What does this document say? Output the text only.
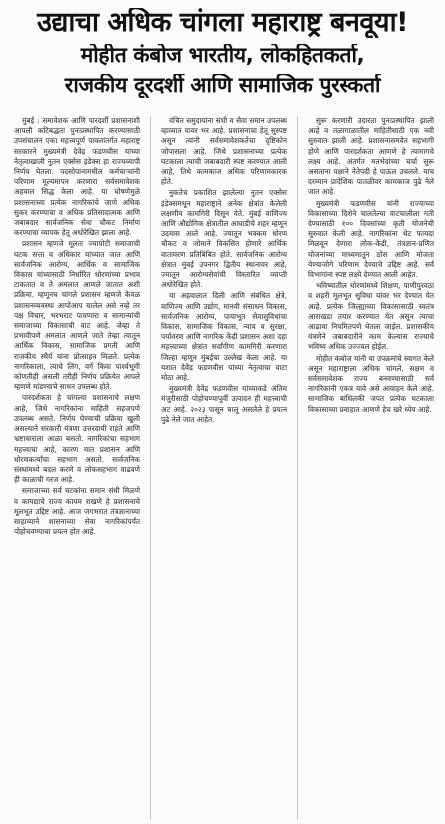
उद्याचा अधिक चांगला महाराष्ट्र बनवूया!
मोहीत कंबोज भारतीय, लोकहितकर्ता,
राजकीय दूरदर्शी आणि सामाजिक पुरस्कर्ता

मुंबई : समावेशक आणि पारदर्शी प्रशासनाशी आपली कटिबद्धता पुनःप्रस्थापित करण्यासाठी उपसंचालन एका महत्त्वपूर्ण पावलांतर्गत महाराष्ट्र सरकारने मुख्यमंत्री देवेंद्र फडणवीस यांच्या नेतृत्वाखाली नुतन एक्सेस इंडेक्स हा राज्यव्यापी निर्णय घेतला. पदसोपानामधील कर्मचाऱ्यांनी परिणाम मूल्यमापन करणारा सर्वसमावेशक अहवाल सिद्ध केला आहे. या घोषणेमुळे प्रशासनाच्या प्रत्येक नागरिकांचे जाणे अधिक सुकर करण्याचा व अधिक प्रतिसादात्मक आणि जबाबदार सार्वजनिक सेवा चौकट निर्माण करण्याचा व्यापक हेतू अधोरेखित झाला आहे.

प्रशासन म्हणजे मूलतः ज्यापोटी समाजाची घटक सत्ता व अधिकार यांच्यात जात आणि सार्वजनिक आरोग्य, आर्थिक व सामाजिक विकास यांच्यासाठी निर्धारित धोरणांच्या प्रभाव टाकतात व ते अमलात आणले जातात अशी प्रक्रिया. म्हणूनच चांगले प्रशासन म्हणजे केवळ प्रशासनव्यवस्था आपोआप चालेल असे नव्हे तर पक्ष विचार, भरभराट पावणारा व सामान्यांची समाजाच्या विकासाची वाट आहे. जेव्हा ते प्रभावीपणे अमलात आणले जाते तेव्हा त्यातून आर्थिक विकास, सामाजिक प्रगती आणि राजकीय स्थैर्य यांना प्रोत्साहन मिळते. प्रत्येक नागरिकाला, त्याचे लिंग, वर्ग किंवा पार्श्वभूमी कोणतीही असली तरीही निर्णय प्रक्रियेत आपले म्हणणे मांडण्याचे साधन उपलब्ध होते.

पारदर्शकता हे चांगल्या प्रशासनाचे लक्षण आहे, जिथे नागरिकांना माहिती सहजपणे उपलब्ध असते. निर्णय घेण्याची प्रक्रिया खुली असल्याने सरकारी यंत्रणा उत्तरदायी राहते आणि भ्रष्टाचाराला आळा बसतो. नागरिकांचा सहभाग महत्त्वाचा आहे, कारण यात प्रशासन आणि धोरणकर्त्यांचा सहभाग असतो. सार्वजनिक संस्थांमध्ये बदल करणे व लोकसहभाग वाढवणे ही काळाची गरज आहे.

समाजाच्या सर्व घटकांना समान संधी मिळणे व कायद्याचे राज्य कायम राखणे हे प्रशासनाचे मूलभूत उद्दिष्ट आहे. आज जगभरात तंत्रज्ञानाच्या साहाय्याने शासनाच्या सेवा नागरिकांपर्यंत पोहोचवण्याचा प्रयत्न होत आहे.

वंचित समुदायांना संधी व सेवा समान उपलब्ध व्हाव्यात यावर भर आहे. प्रशासनाचा हेतू सुस्पष्ट असून त्यांनी सर्वसमावेशकतेचा दृष्टिकोन जोपासला आहे. जिथे प्रशासनाच्या प्रत्येक घटकाला त्याची जबाबदारी स्पष्ट करण्यात आली आहे, तिथे कामकाज अधिक परिणामकारक होते.

नुकतेच प्रकाशित झालेल्या नुतन एक्सेस इंडेक्समधून महाराष्ट्राने अनेक क्षेत्रांत केलेली लक्षणीय कामगिरी दिसून येते. मुंबई वाणिज्य आणि औद्योगिक क्षेत्रातील आघाडीचे शहर म्हणून उदयास आले आहे. ज्यातून भक्कम धोरण चौकट व जोमाने विकसित होणारे आर्थिक वातावरण प्रतिबिंबित होते. सार्वजनिक आरोग्य क्षेत्रात मुंबई उपनगर द्वितीय स्थानावर आहे, ज्यातून आरोग्यसेवांची विस्तारित व्याप्ती अधोरेखित होते.

या अहवालात दिली आणि संबंधित क्षेत्रे, वाणिज्य आणि उद्योग, मानवी संसाधन विकास, सार्वजनिक आरोग्य, पायाभूत सेवासुविधांचा विकास, सामाजिक विकास, न्याय व सुरक्षा, पर्यावरण आणि नागरिक केंद्री प्रशासन अशा दहा महत्त्वाच्या क्षेत्रांत सर्वांगीण कामगिरी करणारा जिल्हा म्हणून मुंबईचा उल्लेख केला आहे. या यशात देवेंद्र फडणवीस यांच्या नेतृत्वाचा वाटा मोठा आहे.

मुख्यमंत्री देवेंद्र फडणवीस यांच्याकडे अंतिम मंजुरीसाठी पोहोचण्यापूर्वी उत्पादन ही महत्त्वाची अट आहे. २०२३ पासून चालू असलेले हे प्रयत्न पुढे नेले जात आहेत.

सुरू करणारी उदारता पुनःप्रस्थापित झाली आहे व तळागाळातील माहितीसाठी एक नवी सुरुवात झाली आहे. प्रशासनासमवेत सहभागी होणे आणि पारदर्शकता आणणे हे त्यामागचे लक्ष्य आहे. अंतर्गत मतभेदांच्या चर्चा सुरू असताना पक्षाने नेतेपदी हे पाऊल उचलले. याच दरम्यान प्रादेशिक पातळीवर कामकाज पुढे नेले जात आहे.

मुख्यमंत्री फडणवीस यांनी राज्याच्या विकासाच्या दिशेने चालतेल्या वाटचालीला गती देण्यासाठी १०० दिवसांच्या कृती योजनेची सुरुवात केली आहे. नागरिकांना थेट फायदा मिळवून देणारा लोक-केंद्री, तंत्रज्ञान-प्रणित योजनांच्या माध्यमातून ठोस आणि मोजता येण्याजोगे परिणाम देण्याचे उद्दिष्ट आहे. सर्व विभागांना स्पष्ट लक्ष्ये देण्यात आली आहेत.

भविष्यातील धोरणांमध्ये शिक्षण, पाणीपुरवठा व शहरी मूलभूत सुविधा यांवर भर देण्यात येत आहे. प्रत्येक जिल्ह्याच्या विकासासाठी स्वतंत्र आराखडा तयार करण्यात येत असून त्याचा आढावा नियमितपणे घेतला जाईल. प्रशासकीय यंत्रणेने जबाबदारीने काम केल्यास राज्याचे भविष्य अधिक उज्ज्वल होईल.

मोहीत कंबोज यांनी या उपक्रमांचे स्वागत केले असून महाराष्ट्राला अधिक चांगले, सक्षम व सर्वसमावेशक राज्य बनवण्यासाठी सर्व नागरिकांनी एकत्र यावे असे आवाहन केले आहे. सामाजिक बांधिलकी जपत प्रत्येक घटकाला विकासाच्या प्रवाहात आणणे हेच खरे ध्येय आहे.
